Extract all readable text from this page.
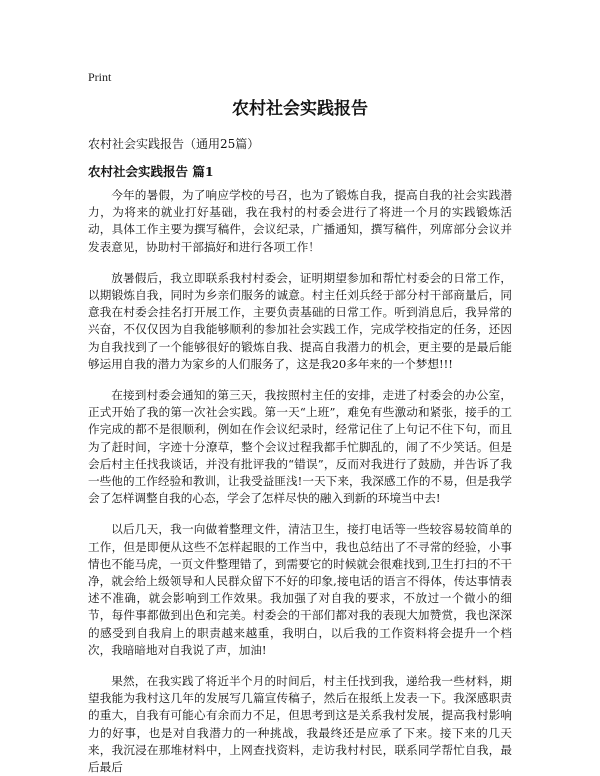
Print
农村社会实践报告
农村社会实践报告（通用25篇）
农村社会实践报告 篇1

今年的暑假，为了响应学校的号召，也为了锻炼自我，提高自我的社会实践潜力，为将来的就业打好基础，我在我村的村委会进行了将进一个月的实践锻炼活动，具体工作主要为撰写稿件，会议纪录，广播通知，撰写稿件，列席部分会议并发表意见，协助村干部搞好和进行各项工作！

放暑假后，我立即联系我村村委会，证明期望参加和帮忙村委会的日常工作，以期锻炼自我，同时为乡亲们服务的诚意。村主任刘兵经于部分村干部商量后，同意我在村委会挂名打开展工作，主要负责基础的日常工作。听到消息后，我异常的兴奋，不仅仅因为自我能够顺利的参加社会实践工作，完成学校指定的任务，还因为自我找到了一个能够很好的锻炼自我、提高自我潜力的机会，更主要的是最后能够运用自我的潜力为家乡的人们服务了，这是我20多年来的一个梦想!!!

在接到村委会通知的第三天，我按照村主任的安排，走进了村委会的办公室，正式开始了我的第一次社会实践。第一天“上班”，难免有些激动和紧张，接手的工作完成的都不是很顺利，例如在作会议纪录时，经常记住了上句记不住下句，而且为了赶时间，字迹十分潦草，整个会议过程我都手忙脚乱的，闹了不少笑话。但是会后村主任找我谈话，并没有批评我的“错误”，反而对我进行了鼓励，并告诉了我一些他的工作经验和教训，让我受益匪浅!一天下来，我深感工作的不易，但是我学会了怎样调整自我的心态，学会了怎样尽快的融入到新的环境当中去!

以后几天，我一向做着整理文件，清洁卫生，接打电话等一些较容易较简单的工作，但是即便从这些不怎样起眼的工作当中，我也总结出了不寻常的经验，小事情也不能马虎，一页文件整理错了，到需要它的时候就会很难找到,卫生打扫的不干净，就会给上级领导和人民群众留下不好的印象,接电话的语言不得体，传达事情表述不准确，就会影响到工作效果。我加强了对自我的要求，不放过一个微小的细节，每件事都做到出色和完美。村委会的干部们都对我的表现大加赞赏，我也深深的感受到自我肩上的职责越来越重，我明白，以后我的工作资料将会提升一个档次，我暗暗地对自我说了声，加油!

果然，在我实践了将近半个月的时间后，村主任找到我，递给我一些材料，期望我能为我村这几年的发展写几篇宣传稿子，然后在报纸上发表一下。我深感职责的重大，自我有可能心有余而力不足，但思考到这是关系我村发展，提高我村影响力的好事，也是对自我潜力的一种挑战，我最终还是应承了下来。接下来的几天来，我沉浸在那堆材料中，上网查找资料，走访我村村民，联系同学帮忙自我，最后最后
